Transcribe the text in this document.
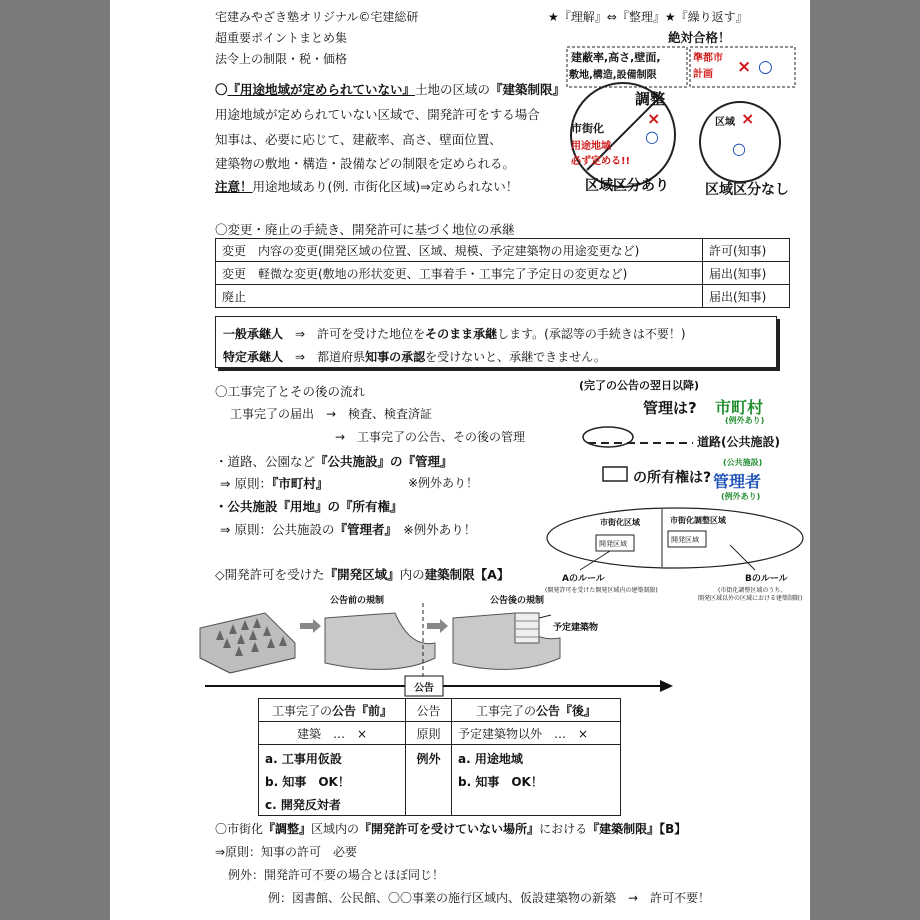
宅建みやざき塾オリジナル©宅建総研
超重要ポイントまとめ集
法令上の制限・税・価格
★『理解』⇔『整理』★『繰り返す』
絶対合格！
〇『用途地域が定められていない』土地の区域の『建築制限』
用途地域が定められていない区域で、開発許可をする場合
知事は、必要に応じて、建蔽率、高さ、壁面位置、
建築物の敷地・構造・設備などの制限を定められる。
注意！用途地域あり(例. 市街化区域)⇒定められない！
建蔽率,高さ,壁面,
敷地,構造,設備制限
準都市
計画 × ○
調整
×
○
市街化
用途地域
必ず定める!!
区域 ×
○
区域区分あり	区域区分なし
〇変更・廃止の手続き、開発許可に基づく地位の承継
変更　内容の変更(開発区域の位置、区域、規模、予定建築物の用途変更など)	許可(知事)
変更　軽微な変更(敷地の形状変更、工事着手・工事完了予定日の変更など)	届出(知事)
廃止	届出(知事)
一般承継人　 ⇒　許可を受けた地位をそのまま承継します。(承認等の手続きは不要！)
特定承継人　 ⇒　都道府県知事の承認を受けないと、承継できません。
〇工事完了とその後の流れ
工事完了の届出　→　検査、検査済証
→　工事完了の公告、その後の管理
・道路、公園など『公共施設』の『管理』
⇒ 原則：『市町村』	※例外あり！
・公共施設『用地』の『所有権』
⇒ 原則：公共施設の『管理者』　 ※例外あり！
(完了の公告の翌日以降)
管理は? 市町村
(例外あり)
道路(公共施設)
の所有権は?
(公共施設)
管理者
(例外あり)
市街化区域	市街化調整区域
開発区域	開発区域
Aのルール
(開発許可を受けた開発区域内の建築制限)
Bのルール
(市街化調整区域のうち、
開発区域以外の区域における建築制限)
◇開発許可を受けた『開発区域』内の建築制限【A】
公告前の規制	公告後の規制
予定建築物
公告
工事完了の公告『前』	公告	工事完了の公告『後』
建築　…　×	原則	予定建築物以外　…　×
a. 工事用仮設
b. 知事　OK！
c. 開発反対者
例外	a. 用途地域
b. 知事　OK！
〇市街化『調整』区域内の『開発許可を受けていない場所』における『建築制限』【B】
⇒原則：知事の許可　必要
例外：開発許可不要の場合とほぼ同じ！
例：図書館、公民館、〇〇事業の施行区域内、仮設建築物の新築　→　許可不要！
